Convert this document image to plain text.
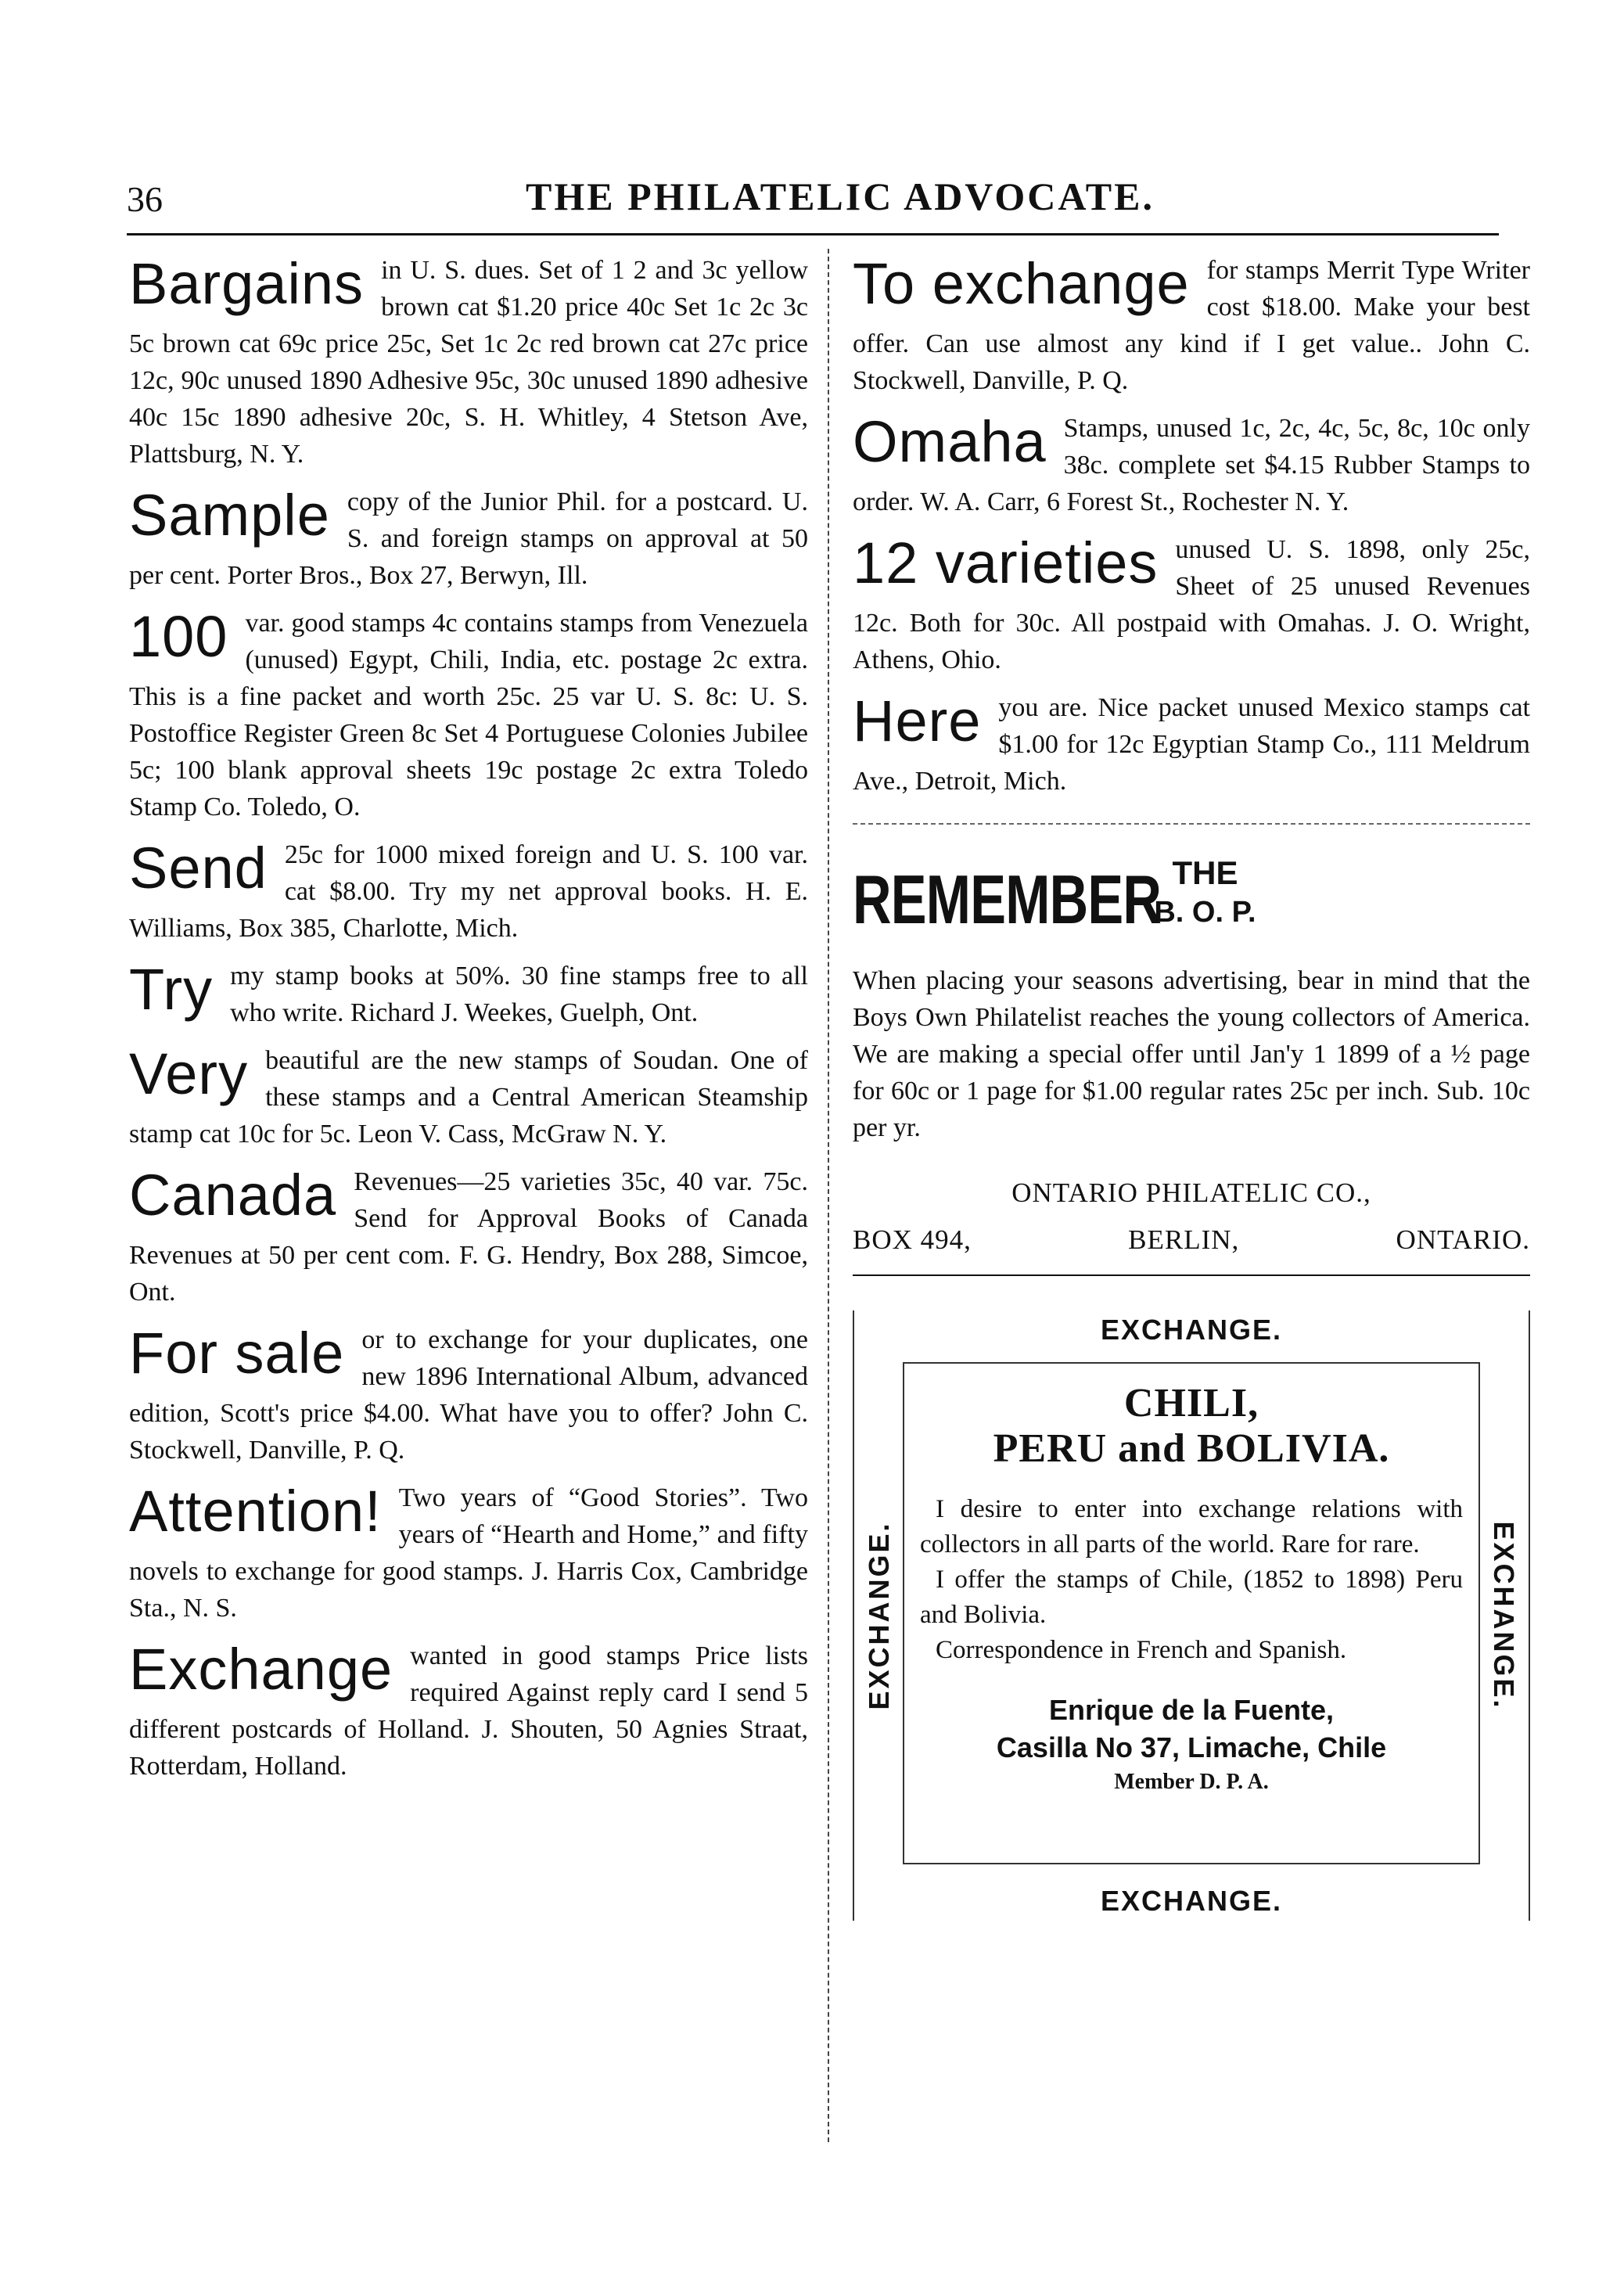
36	THE PHILATELIC ADVOCATE.
Bargains in U. S. dues. Set of 1 2 and 3c yellow brown cat $1.20 price 40c Set 1c 2c 3c 5c brown cat 69c price 25c, Set 1c 2c red brown cat 27c price 12c, 90c unused 1890 Adhesive 95c, 30c unused 1890 adhesive 40c 15c 1890 adhesive 20c, S. H. Whitley, 4 Stetson Ave, Plattsburg, N. Y.
Sample copy of the Junior Phil. for a postcard. U. S. and foreign stamps on approval at 50 per cent. Porter Bros., Box 27, Berwyn, Ill.
100 var. good stamps 4c contains stamps from Venezuela (unused) Egypt, Chili, India, etc. postage 2c extra. This is a fine packet and worth 25c. 25 var U. S. 8c: U. S. Postoffice Register Green 8c Set 4 Portuguese Colonies Jubilee 5c; 100 blank approval sheets 19c postage 2c extra Toledo Stamp Co. Toledo, O.
Send 25c for 1000 mixed foreign and U. S. 100 var. cat $8.00. Try my net approval books. H. E. Williams, Box 385, Charlotte, Mich.
Try my stamp books at 50%. 30 fine stamps free to all who write. Richard J. Weekes, Guelph, Ont.
Very beautiful are the new stamps of Soudan. One of these stamps and a Central American Steamship stamp cat 10c for 5c. Leon V. Cass, McGraw N. Y.
Canada Revenues—25 varieties 35c, 40 var. 75c. Send for Approval Books of Canada Revenues at 50 per cent com. F. G. Hendry, Box 288, Simcoe, Ont.
For sale or to exchange for your duplicates, one new 1896 International Album, advanced edition, Scott's price $4.00. What have you to offer? John C. Stockwell, Danville, P. Q.
Attention! Two years of “Good Stories”. Two years of “Hearth and Home,” and fifty novels to exchange for good stamps. J. Harris Cox, Cambridge Sta., N. S.
Exchange wanted in good stamps Price lists required Against reply card I send 5 different postcards of Holland. J. Shouten, 50 Agnies Straat, Rotterdam, Holland.
To exchange for stamps Merrit Type Writer cost $18.00. Make your best offer. Can use almost any kind if I get value.. John C. Stockwell, Danville, P. Q.
Omaha Stamps, unused 1c, 2c, 4c, 5c, 8c, 10c only 38c. complete set $4.15 Rubber Stamps to order. W. A. Carr, 6 Forest St., Rochester N. Y.
12 varieties unused U. S. 1898, only 25c, Sheet of 25 unused Revenues 12c. Both for 30c. All postpaid with Omahas. J. O. Wright, Athens, Ohio.
Here you are. Nice packet unused Mexico stamps cat $1.00 for 12c Egyptian Stamp Co., 111 Meldrum Ave., Detroit, Mich.
REMEMBER THE
B. O. P.
When placing your seasons advertising, bear in mind that the Boys Own Philatelist reaches the young collectors of America. We are making a special offer until Jan'y 1 1899 of a ½ page for 60c or 1 page for $1.00 regular rates 25c per inch. Sub. 10c per yr.
ONTARIO PHILATELIC CO.,
BOX 494,	BERLIN,	ONTARIO.
EXCHANGE.
EXCHANGE.	EXCHANGE.
CHILI,
PERU and BOLIVIA.

I desire to enter into exchange relations with collectors in all parts of the world. Rare for rare.

I offer the stamps of Chile, (1852 to 1898) Peru and Bolivia.

Correspondence in French and Spanish.

Enrique de la Fuente,
Casilla No 37, Limache, Chile
Member D. P. A.
EXCHANGE.
